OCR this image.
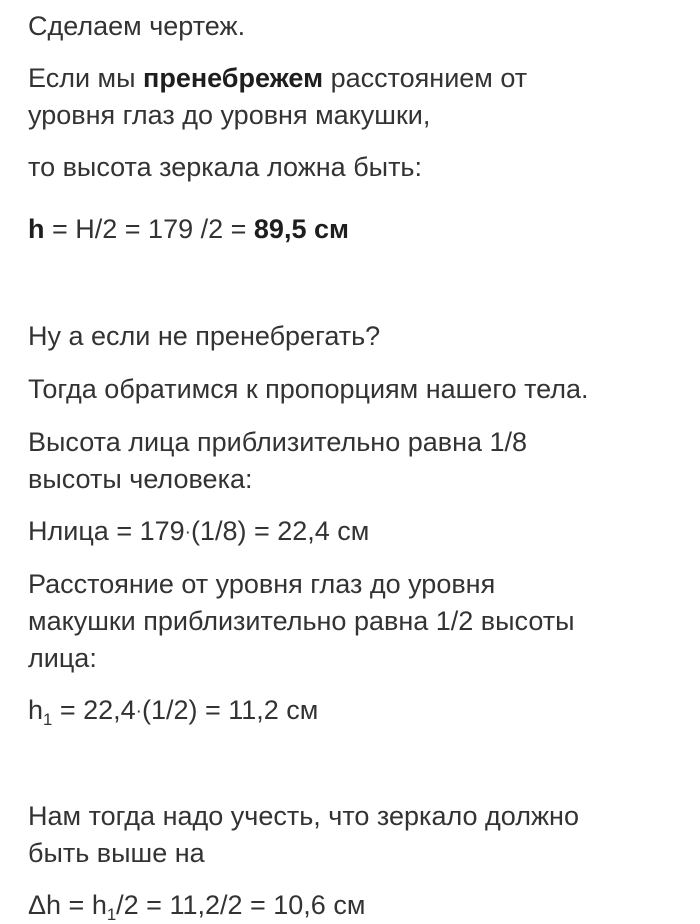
Сделаем чертеж.
Если мы пренебрежем расстоянием от
уровня глаз до уровня макушки,
то высота зеркала ложна быть:
h = H/2 = 179 /2 = 89,5 см
Ну а если не пренебрегать?
Тогда обратимся к пропорциям нашего тела.
Высота лица приблизительно равна 1/8
высоты человека:
Hлица = 179·(1/8) = 22,4 см
Расстояние от уровня глаз до уровня
макушки приблизительно равна 1/2 высоты
лица:
$h_1 = 22,4\cdot(1/2) = 11,2$ см
Нам тогда надо учесть, что зеркало должно
быть выше на
$\Delta h = h_1/2 = 11,2/2 = 10,6$ см
